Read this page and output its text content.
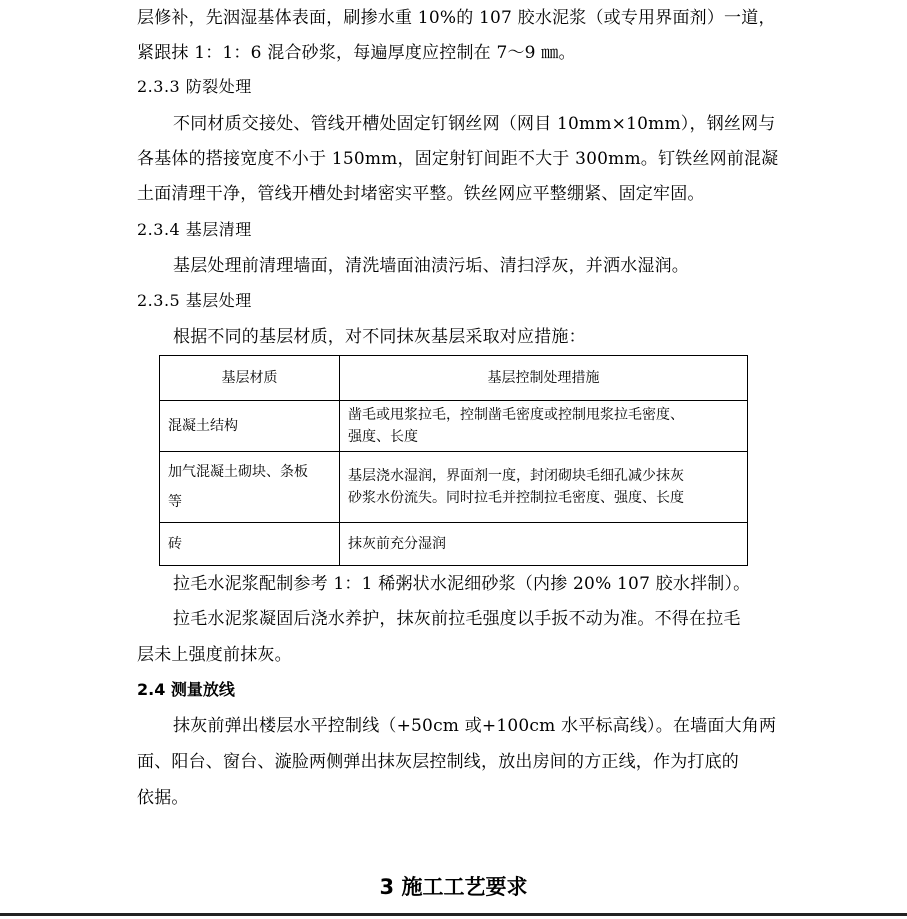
层修补，先洇湿基体表面，刷掺水重 10%的 107 胶水泥浆（或专用界面剂）一道，
紧跟抹 1：1：6 混合砂浆，每遍厚度应控制在 7～9 ㎜。
2.3.3 防裂处理
不同材质交接处、管线开槽处固定钉钢丝网（网目 10mm×10mm），钢丝网与
各基体的搭接宽度不小于 150mm，固定射钉间距不大于 300mm。钉铁丝网前混凝
土面清理干净，管线开槽处封堵密实平整。铁丝网应平整绷紧、固定牢固。
2.3.4 基层清理
基层处理前清理墙面，清洗墙面油渍污垢、清扫浮灰，并洒水湿润。
2.3.5 基层处理
根据不同的基层材质，对不同抹灰基层采取对应措施：
基层材质	基层控制处理措施
混凝土结构	凿毛或甩浆拉毛，控制凿毛密度或控制甩浆拉毛密度、
强度、长度
加气混凝土砌块、条板
等	基层浇水湿润，界面剂一度，封闭砌块毛细孔减少抹灰
砂浆水份流失。同时拉毛并控制拉毛密度、强度、长度
砖	抹灰前充分湿润
拉毛水泥浆配制参考 1：1 稀粥状水泥细砂浆（内掺 20% 107 胶水拌制）。
拉毛水泥浆凝固后浇水养护，抹灰前拉毛强度以手扳不动为准。不得在拉毛
层未上强度前抹灰。
2.4 测量放线
抹灰前弹出楼层水平控制线（+50cm 或+100cm 水平标高线）。在墙面大角两
面、阳台、窗台、漩脸两侧弹出抹灰层控制线，放出房间的方正线，作为打底的
依据。
3 施工工艺要求
